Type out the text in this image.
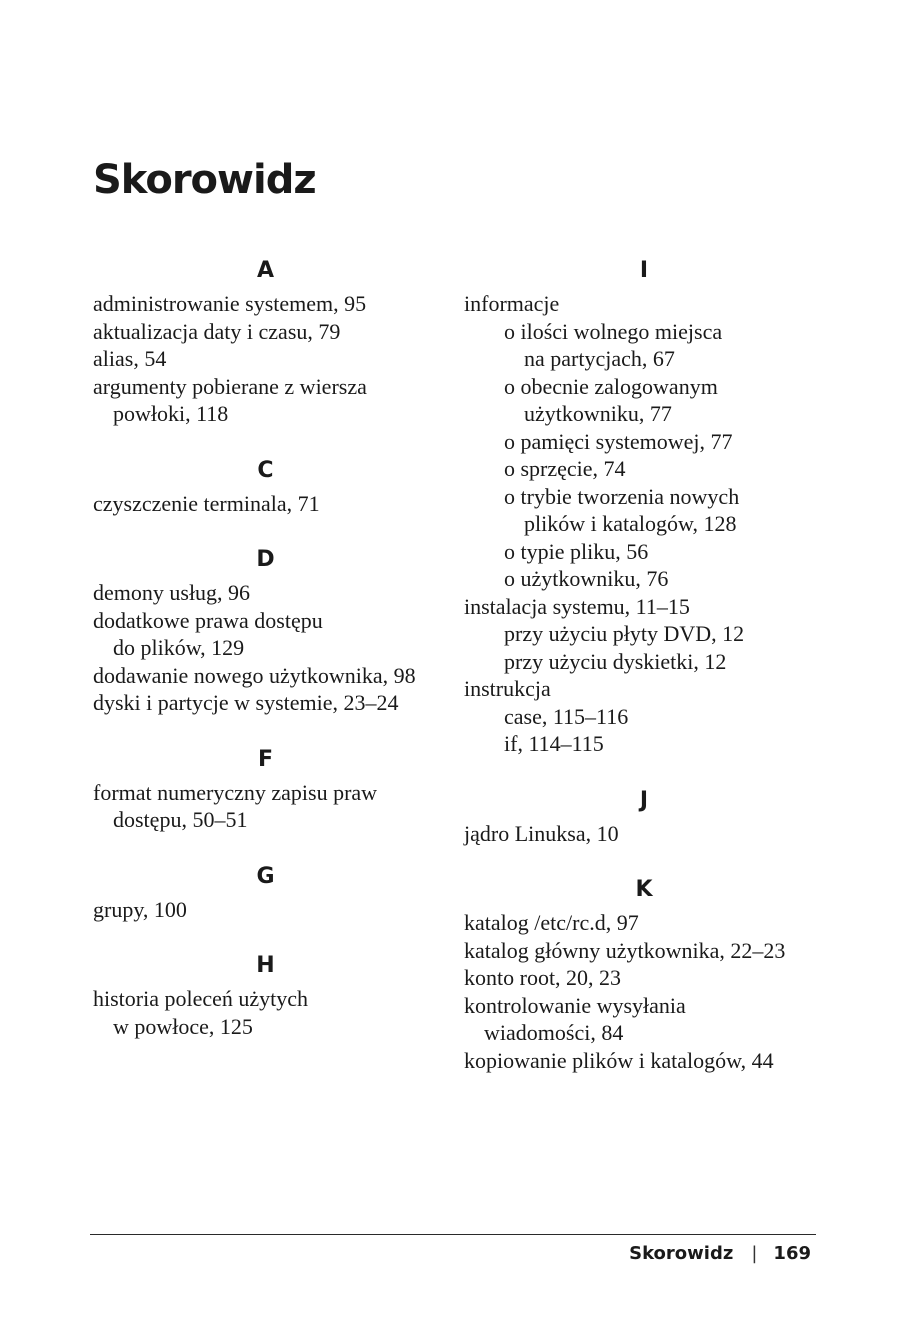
Skorowidz
A
administrowanie systemem, 95
aktualizacja daty i czasu, 79
alias, 54
argumenty pobierane z wiersza
powłoki, 118
C
czyszczenie terminala, 71
D
demony usług, 96
dodatkowe prawa dostępu
do plików, 129
dodawanie nowego użytkownika, 98
dyski i partycje w systemie, 23–24
F
format numeryczny zapisu praw
dostępu, 50–51
G
grupy, 100
H
historia poleceń użytych
w powłoce, 125
I
informacje
o ilości wolnego miejsca
na partycjach, 67
o obecnie zalogowanym
użytkowniku, 77
o pamięci systemowej, 77
o sprzęcie, 74
o trybie tworzenia nowych
plików i katalogów, 128
o typie pliku, 56
o użytkowniku, 76
instalacja systemu, 11–15
przy użyciu płyty DVD, 12
przy użyciu dyskietki, 12
instrukcja
case, 115–116
if, 114–115
J
jądro Linuksa, 10
K
katalog /etc/rc.d, 97
katalog główny użytkownika, 22–23
konto root, 20, 23
kontrolowanie wysyłania
wiadomości, 84
kopiowanie plików i katalogów, 44
Skorowidz | 169
